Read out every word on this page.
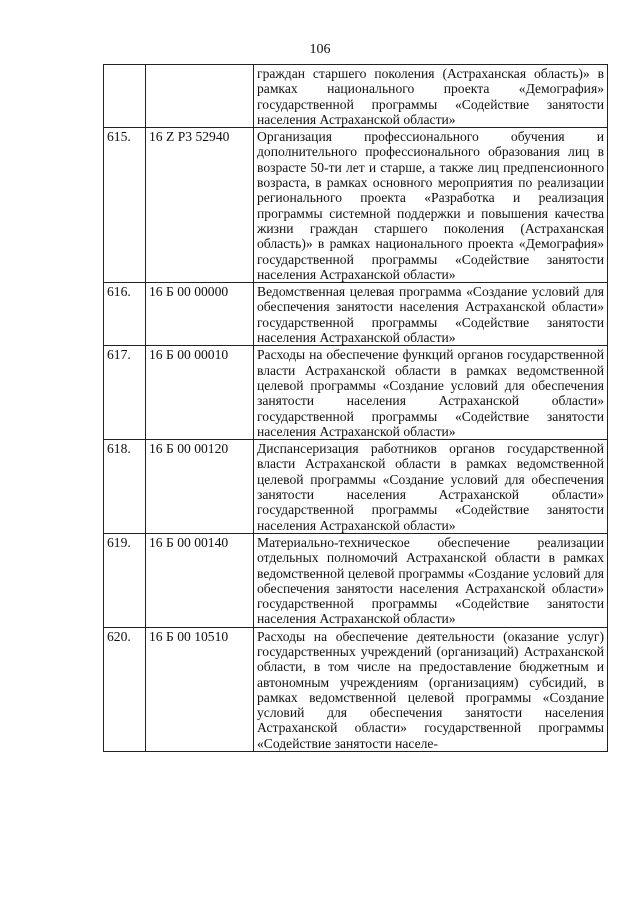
106
		граждан старшего поколения (Астраханская область)» в рамках национального проекта «Демография» государственной программы «Содействие занятости населения Астраханской области»
615.	16 Z P3 52940	Организация профессионального обучения и дополнительного профессионального образования лиц в возрасте 50-ти лет и старше, а также лиц предпенсионного возраста, в рамках основного мероприятия по реализации регионального проекта «Разработка и реализация программы системной поддержки и повышения качества жизни граждан старшего поколения (Астраханская область)» в рамках национального проекта «Демография» государственной программы «Содействие занятости населения Астраханской области»
616.	16 Б 00 00000	Ведомственная целевая программа «Создание условий для обеспечения занятости населения Астраханской области» государственной программы «Содействие занятости населения Астраханской области»
617.	16 Б 00 00010	Расходы на обеспечение функций органов государственной власти Астраханской области в рамках ведомственной целевой программы «Создание условий для обеспечения занятости населения Астраханской области» государственной программы «Содействие занятости населения Астраханской области»
618.	16 Б 00 00120	Диспансеризация работников органов государственной власти Астраханской области в рамках ведомственной целевой программы «Создание условий для обеспечения занятости населения Астраханской области» государственной программы «Содействие занятости населения Астраханской области»
619.	16 Б 00 00140	Материально-техническое обеспечение реализации отдельных полномочий Астраханской области в рамках ведомственной целевой программы «Создание условий для обеспечения занятости населения Астраханской области» государственной программы «Содействие занятости населения Астраханской области»
620.	16 Б 00 10510	Расходы на обеспечение деятельности (оказание услуг) государственных учреждений (организаций) Астраханской области, в том числе на предоставление бюджетным и автономным учреждениям (организациям) субсидий, в рамках ведомственной целевой программы «Создание условий для обеспечения занятости населения Астраханской области» государственной программы «Содействие занятости населе-
